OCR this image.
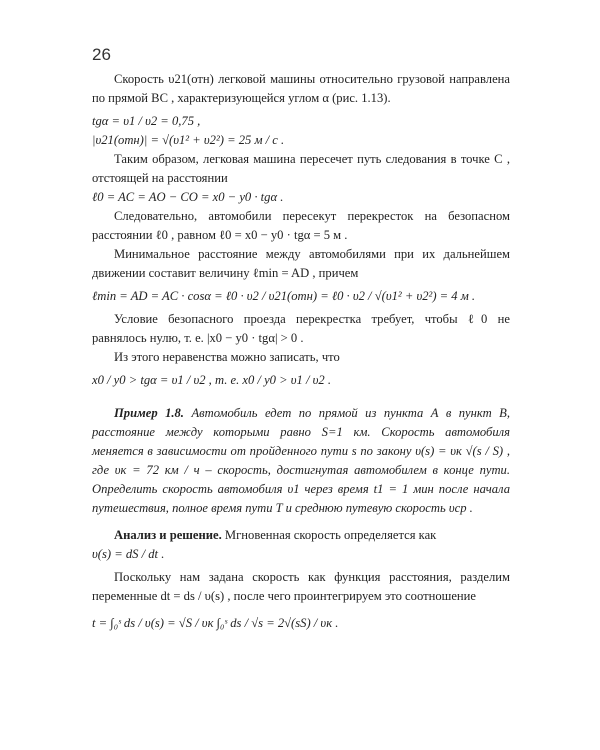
26

Скорость υ21(отн) легковой машины относительно грузовой направлена по прямой BC , характеризующейся углом α (рис. 1.13).

tgα = υ1 / υ2 = 0,75 ,

|υ21(отн)| = √(υ1² + υ2²) = 25 м / с .

Таким образом, легковая машина пересечет путь следования в точке C , отстоящей на расстоянии

ℓ0 = AC = AO − CO = x0 − y0 · tgα .

Следовательно, автомобили пересекут перекресток на безопасном расстоянии ℓ0 , равном ℓ0 = x0 − y0 · tgα = 5 м .

Минимальное расстояние между автомобилями при их дальнейшем движении составит величину ℓmin = AD , причем

ℓmin = AD = AC · cosα = ℓ0 · υ2 / υ21(отн) = ℓ0 · υ2 / √(υ1² + υ2²) = 4 м .

Условие безопасного проезда перекрестка требует, чтобы ℓ0 не равнялось нулю, т. е. |x0 − y0 · tgα| > 0 .

Из этого неравенства можно записать, что

x0 / y0 > tgα = υ1 / υ2 , т. е. x0 / y0 > υ1 / υ2 .

Пример 1.8. Автомобиль едет по прямой из пункта А в пункт В, расстояние между которыми равно S=1 км. Скорость автомобиля меняется в зависимости от пройденного пути s по закону υ(s) = υк √(s / S) , где υк = 72 км / ч – скорость, достигнутая автомобилем в конце пути. Определить скорость автомобиля υ1 через время t1 = 1 мин после начала путешествия, полное время пути T и среднюю путевую скорость υср .

Анализ и решение. Мгновенная скорость определяется как

υ(s) = dS / dt .

Поскольку нам задана скорость как функция расстояния, разделим переменные dt = ds / υ(s) , после чего проинтегрируем это соотношение

t = ∫₀ˢ ds / υ(s) = √S / υк ∫₀ˢ ds / √s = 2√(sS) / υк .
